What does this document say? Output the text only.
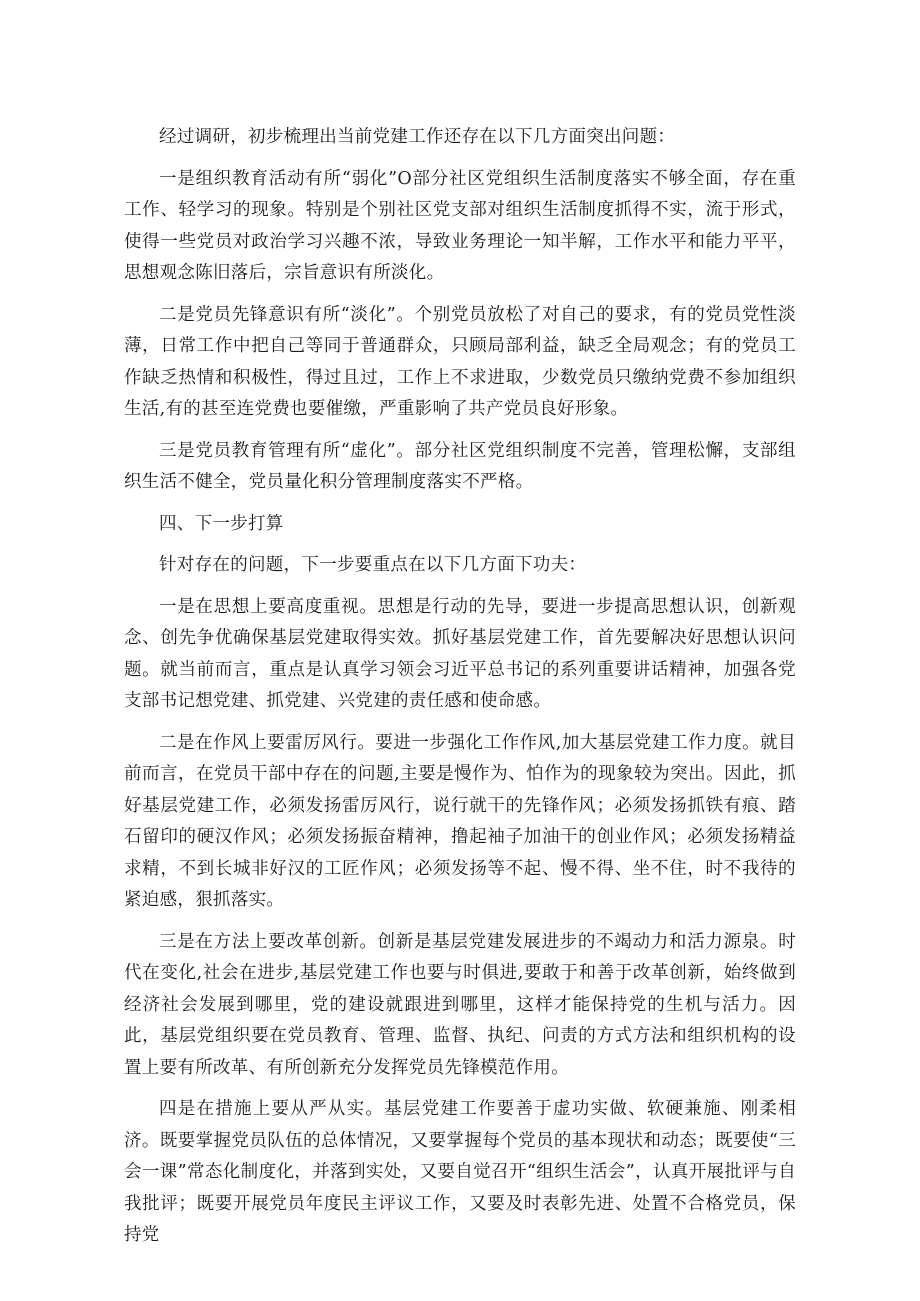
经过调研，初步梳理出当前党建工作还存在以下几方面突出问题：

一是组织教育活动有所“弱化”O部分社区党组织生活制度落实不够全面，存在重工作、轻学习的现象。特别是个别社区党支部对组织生活制度抓得不实，流于形式，使得一些党员对政治学习兴趣不浓，导致业务理论一知半解，工作水平和能力平平，思想观念陈旧落后，宗旨意识有所淡化。

二是党员先锋意识有所“淡化”。个别党员放松了对自己的要求，有的党员党性淡薄，日常工作中把自己等同于普通群众，只顾局部利益，缺乏全局观念；有的党员工作缺乏热情和积极性，得过且过，工作上不求进取，少数党员只缴纳党费不参加组织生活,有的甚至连党费也要催缴，严重影响了共产党员良好形象。

三是党员教育管理有所“虚化”。部分社区党组织制度不完善，管理松懈，支部组织生活不健全，党员量化积分管理制度落实不严格。

四、下一步打算

针对存在的问题，下一步要重点在以下几方面下功夫：

一是在思想上要高度重视。思想是行动的先导，要进一步提高思想认识，创新观念、创先争优确保基层党建取得实效。抓好基层党建工作，首先要解决好思想认识问题。就当前而言，重点是认真学习领会习近平总书记的系列重要讲话精神，加强各党支部书记想党建、抓党建、兴党建的责任感和使命感。

二是在作风上要雷厉风行。要进一步强化工作作风,加大基层党建工作力度。就目前而言，在党员干部中存在的问题,主要是慢作为、怕作为的现象较为突出。因此，抓好基层党建工作，必须发扬雷厉风行，说行就干的先锋作风；必须发扬抓铁有痕、踏石留印的硬汉作风；必须发扬振奋精神，撸起袖子加油干的创业作风；必须发扬精益求精，不到长城非好汉的工匠作风；必须发扬等不起、慢不得、坐不住，时不我待的紧迫感，狠抓落实。

三是在方法上要改革创新。创新是基层党建发展进步的不竭动力和活力源泉。时代在变化,社会在进步,基层党建工作也要与时俱进,要敢于和善于改革创新，始终做到经济社会发展到哪里，党的建设就跟进到哪里，这样才能保持党的生机与活力。因此，基层党组织要在党员教育、管理、监督、执纪、问责的方式方法和组织机构的设置上要有所改革、有所创新充分发挥党员先锋模范作用。

四是在措施上要从严从实。基层党建工作要善于虚功实做、软硬兼施、刚柔相济。既要掌握党员队伍的总体情况，又要掌握每个党员的基本现状和动态；既要使“三会一课”常态化制度化，并落到实处，又要自觉召开“组织生活会”，认真开展批评与自我批评；既要开展党员年度民主评议工作，又要及时表彰先进、处置不合格党员，保持党
